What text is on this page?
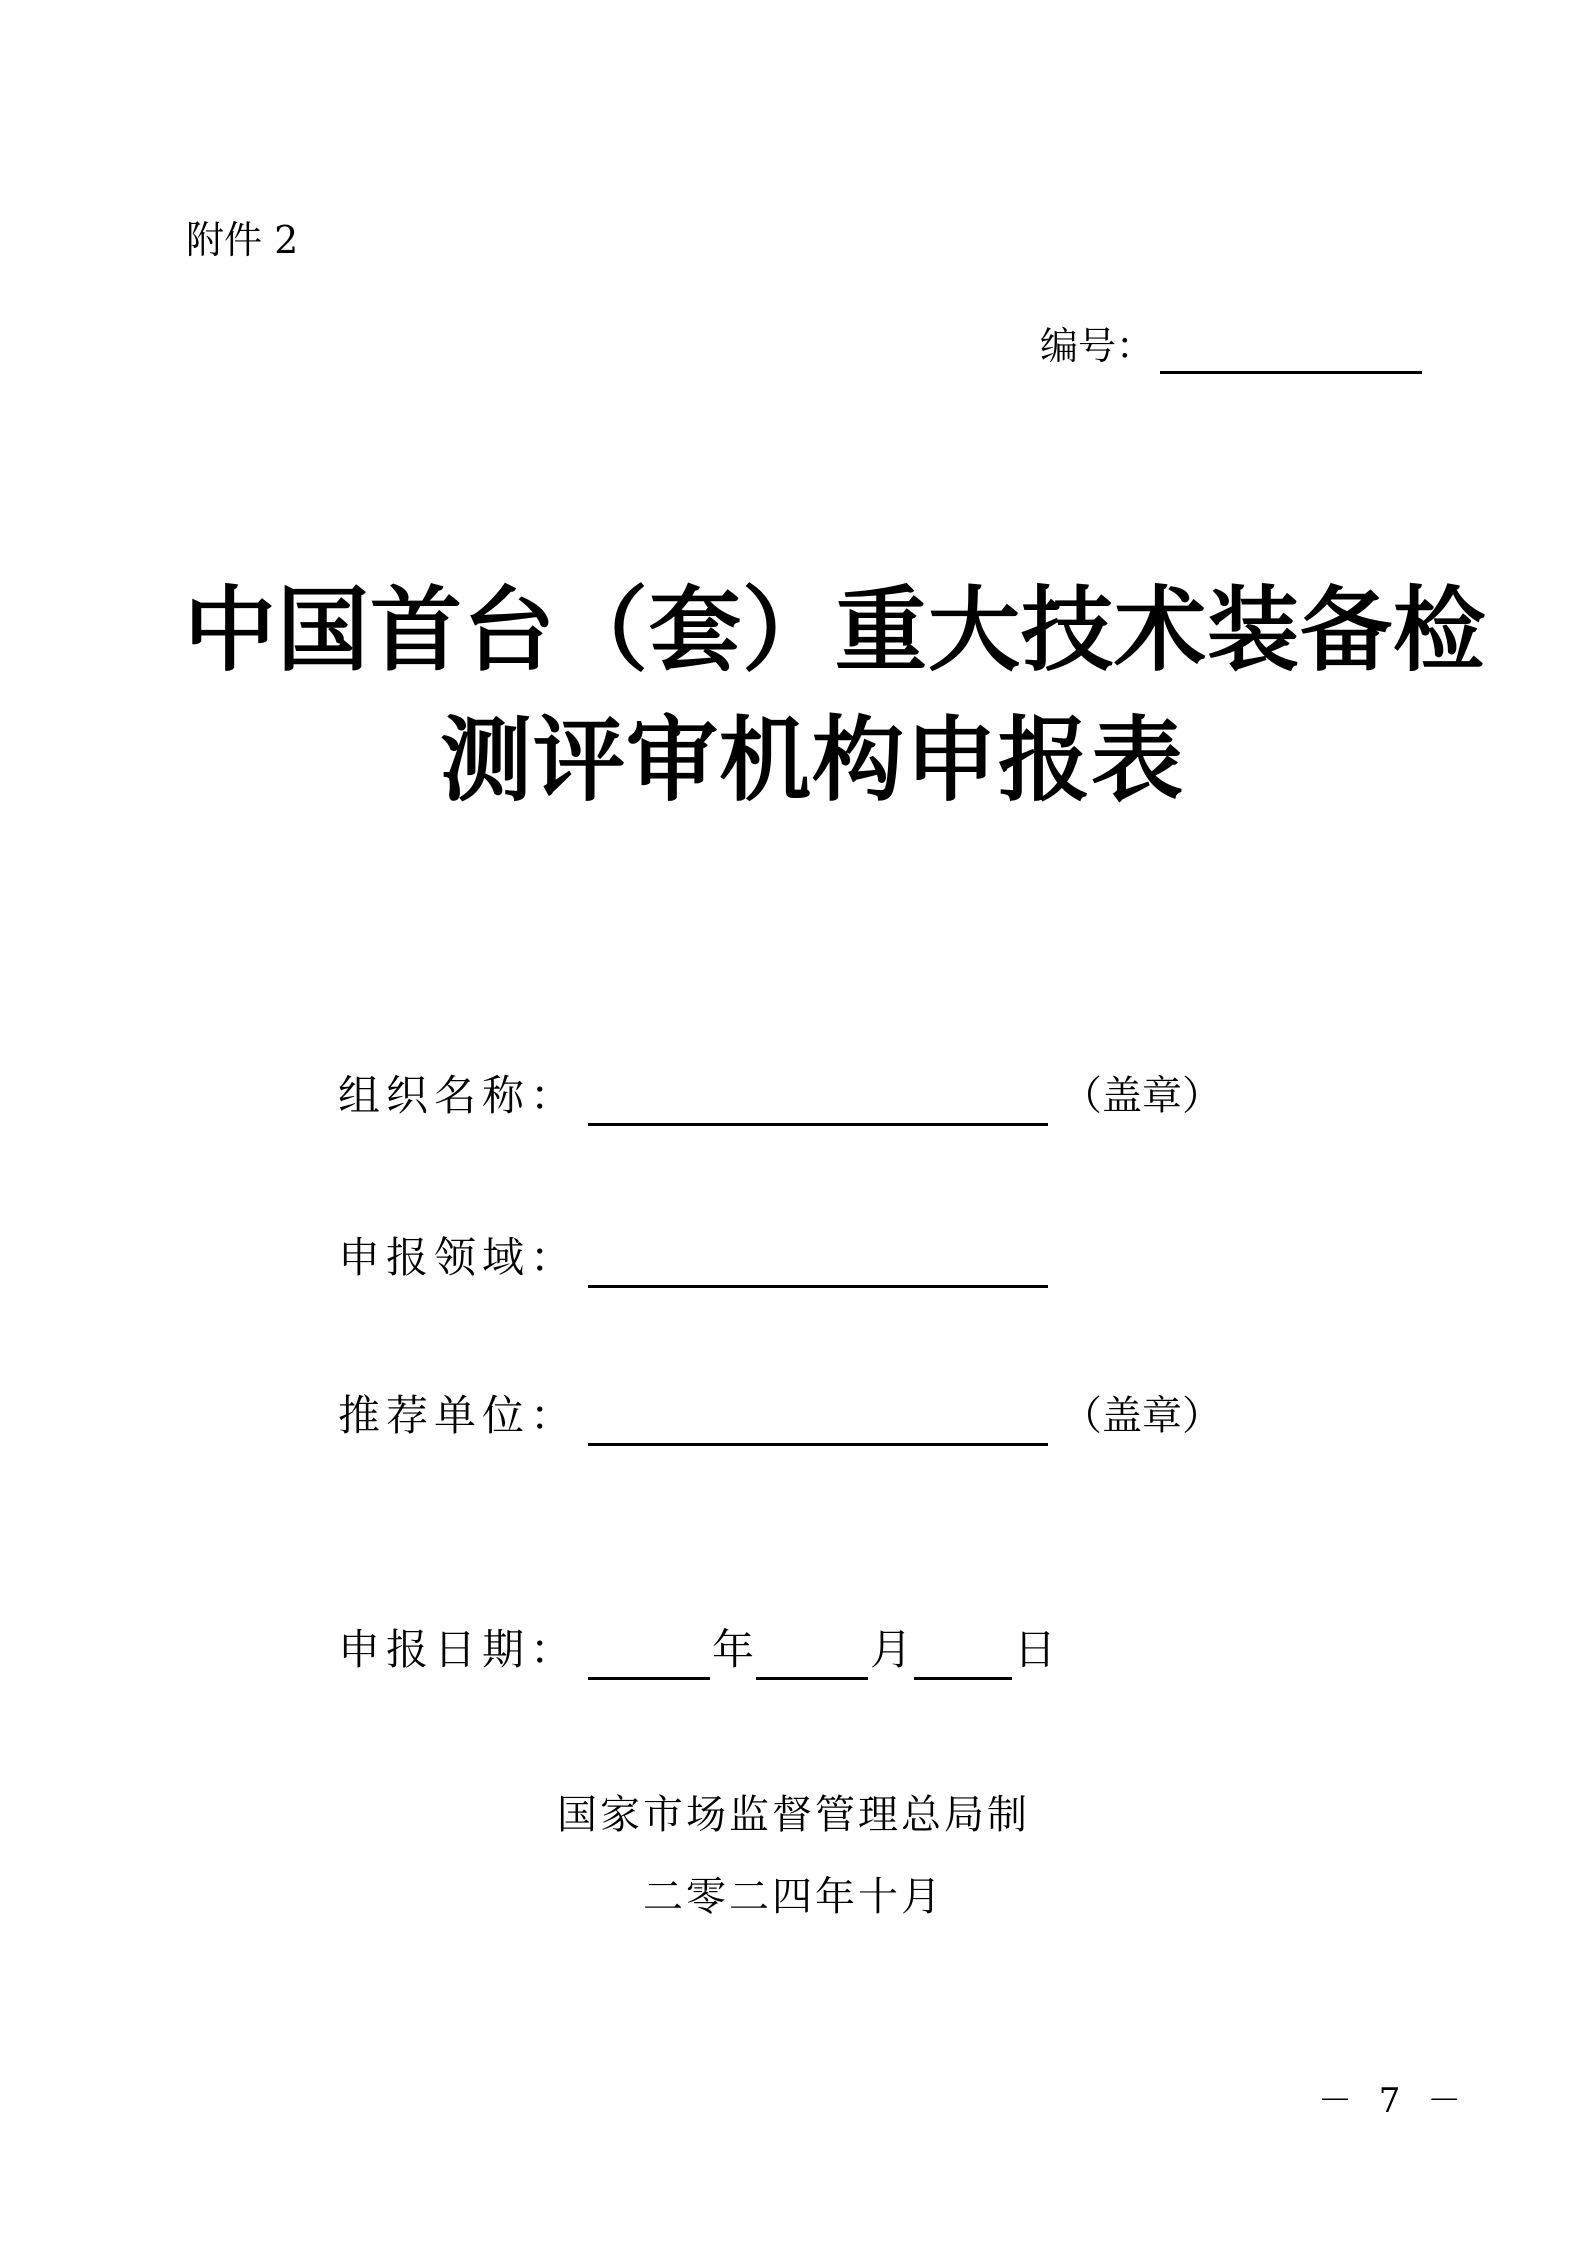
附件 2
编号：
中国首台（套）重大技术装备检
测评审机构申报表
组织名称：	（盖章）
申报领域：
推荐单位：	（盖章）
申报日期：	年	月 日
国家市场监督管理总局制
二零二四年十月
－ 7 －
